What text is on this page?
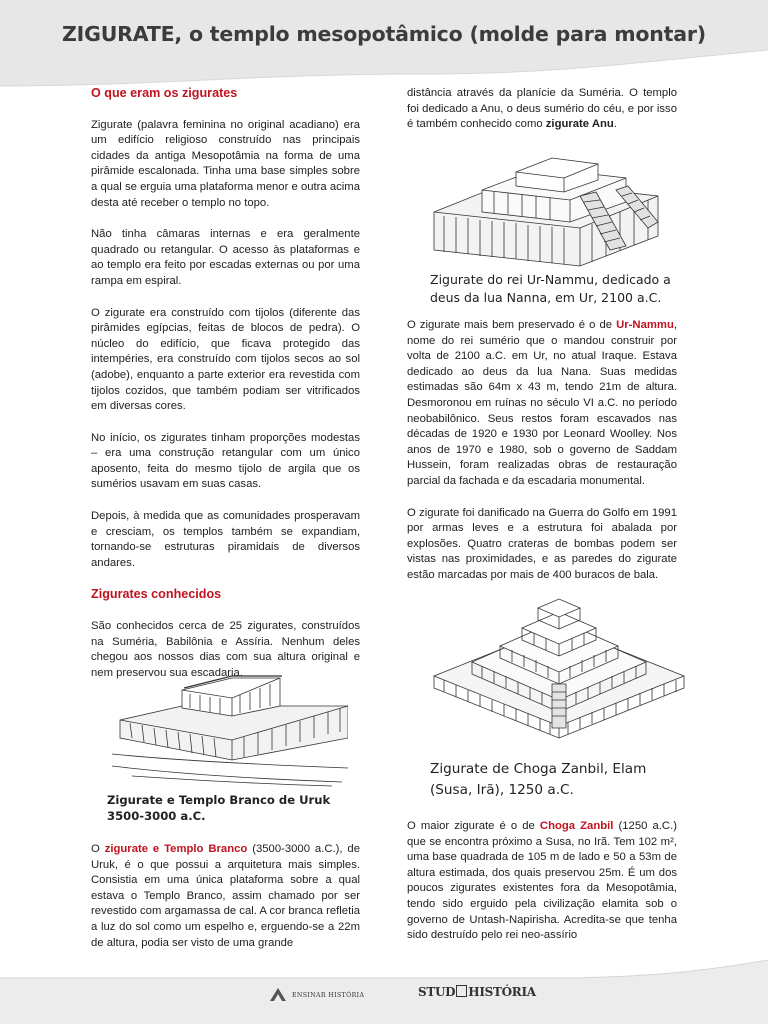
ZIGURATE, o templo mesopotâmico (molde para montar)
O que eram os zigurates

Zigurate (palavra feminina no original acadiano) era um edifício religioso construído nas principais cidades da antiga Mesopotâmia na forma de uma pirâmide escalonada. Tinha uma base simples sobre a qual se erguia uma plataforma menor e outra acima desta até receber o templo no topo.

Não tinha câmaras internas e era geralmente quadrado ou retangular. O acesso às plataformas e ao templo era feito por escadas externas ou por uma rampa em espiral.

O zigurate era construído com tijolos (diferente das pirâmides egípcias, feitas de blocos de pedra). O núcleo do edifício, que ficava protegido das intempéries, era construído com tijolos secos ao sol (adobe), enquanto a parte exterior era revestida com tijolos cozidos, que também podiam ser vitrificados em diversas cores.

No início, os zigurates tinham proporções modestas – era uma construção retangular com um único aposento, feita do mesmo tijolo de argila que os sumérios usavam em suas casas.

Depois, à medida que as comunidades prosperavam e cresciam, os templos também se expandiam, tornando-se estruturas piramidais de diversos andares.

Zigurates conhecidos

São conhecidos cerca de 25 zigurates, construídos na Suméria, Babilônia e Assíria. Nenhum deles chegou aos nossos dias com sua altura original e nem preservou sua escadaria.

Zigurate e Templo Branco de Uruk
3500-3000 a.C.

O zigurate e Templo Branco (3500-3000 a.C.), de Uruk, é o que possui a arquitetura mais simples. Consistia em uma única plataforma sobre a qual estava o Templo Branco, assim chamado por ser revestido com argamassa de cal. A cor branca refletia a luz do sol como um espelho e, erguendo-se a 22m de altura, podia ser visto de uma grande

distância através da planície da Suméria. O templo foi dedicado a Anu, o deus sumério do céu, e por isso é também conhecido como zigurate Anu.

Zigurate do rei Ur-Nammu, dedicado a
deus da lua Nanna, em Ur, 2100 a.C.

O zigurate mais bem preservado é o de Ur-Nammu, nome do rei sumério que o mandou construir por volta de 2100 a.C. em Ur, no atual Iraque. Estava dedicado ao deus da lua Nana. Suas medidas estimadas são 64m x 43 m, tendo 21m de altura. Desmoronou em ruínas no século VI a.C. no período neobabilônico. Seus restos foram escavados nas décadas de 1920 e 1930 por Leonard Woolley. Nos anos de 1970 e 1980, sob o governo de Saddam Hussein, foram realizadas obras de restauração parcial da fachada e da escadaria monumental.

O zigurate foi danificado na Guerra do Golfo em 1991 por armas leves e a estrutura foi abalada por explosões. Quatro crateras de bombas podem ser vistas nas proximidades, e as paredes do zigurate estão marcadas por mais de 400 buracos de bala.

Zigurate de Choga Zanbil, Elam
(Susa, Irã), 1250 a.C.

O maior zigurate é o de Choga Zanbil (1250 a.C.) que se encontra próximo a Susa, no Irã. Tem 102 m², uma base quadrada de 105 m de lado e 50 a 53m de altura estimada, dos quais preservou 25m. É um dos poucos zigurates existentes fora da Mesopotâmia, tendo sido erguido pela civilização elamita sob o governo de Untash-Napirisha. Acredita-se que tenha sido destruído pelo rei neo-assírio

ENSINAR HISTÓRIA	STUD HISTÓRIA
